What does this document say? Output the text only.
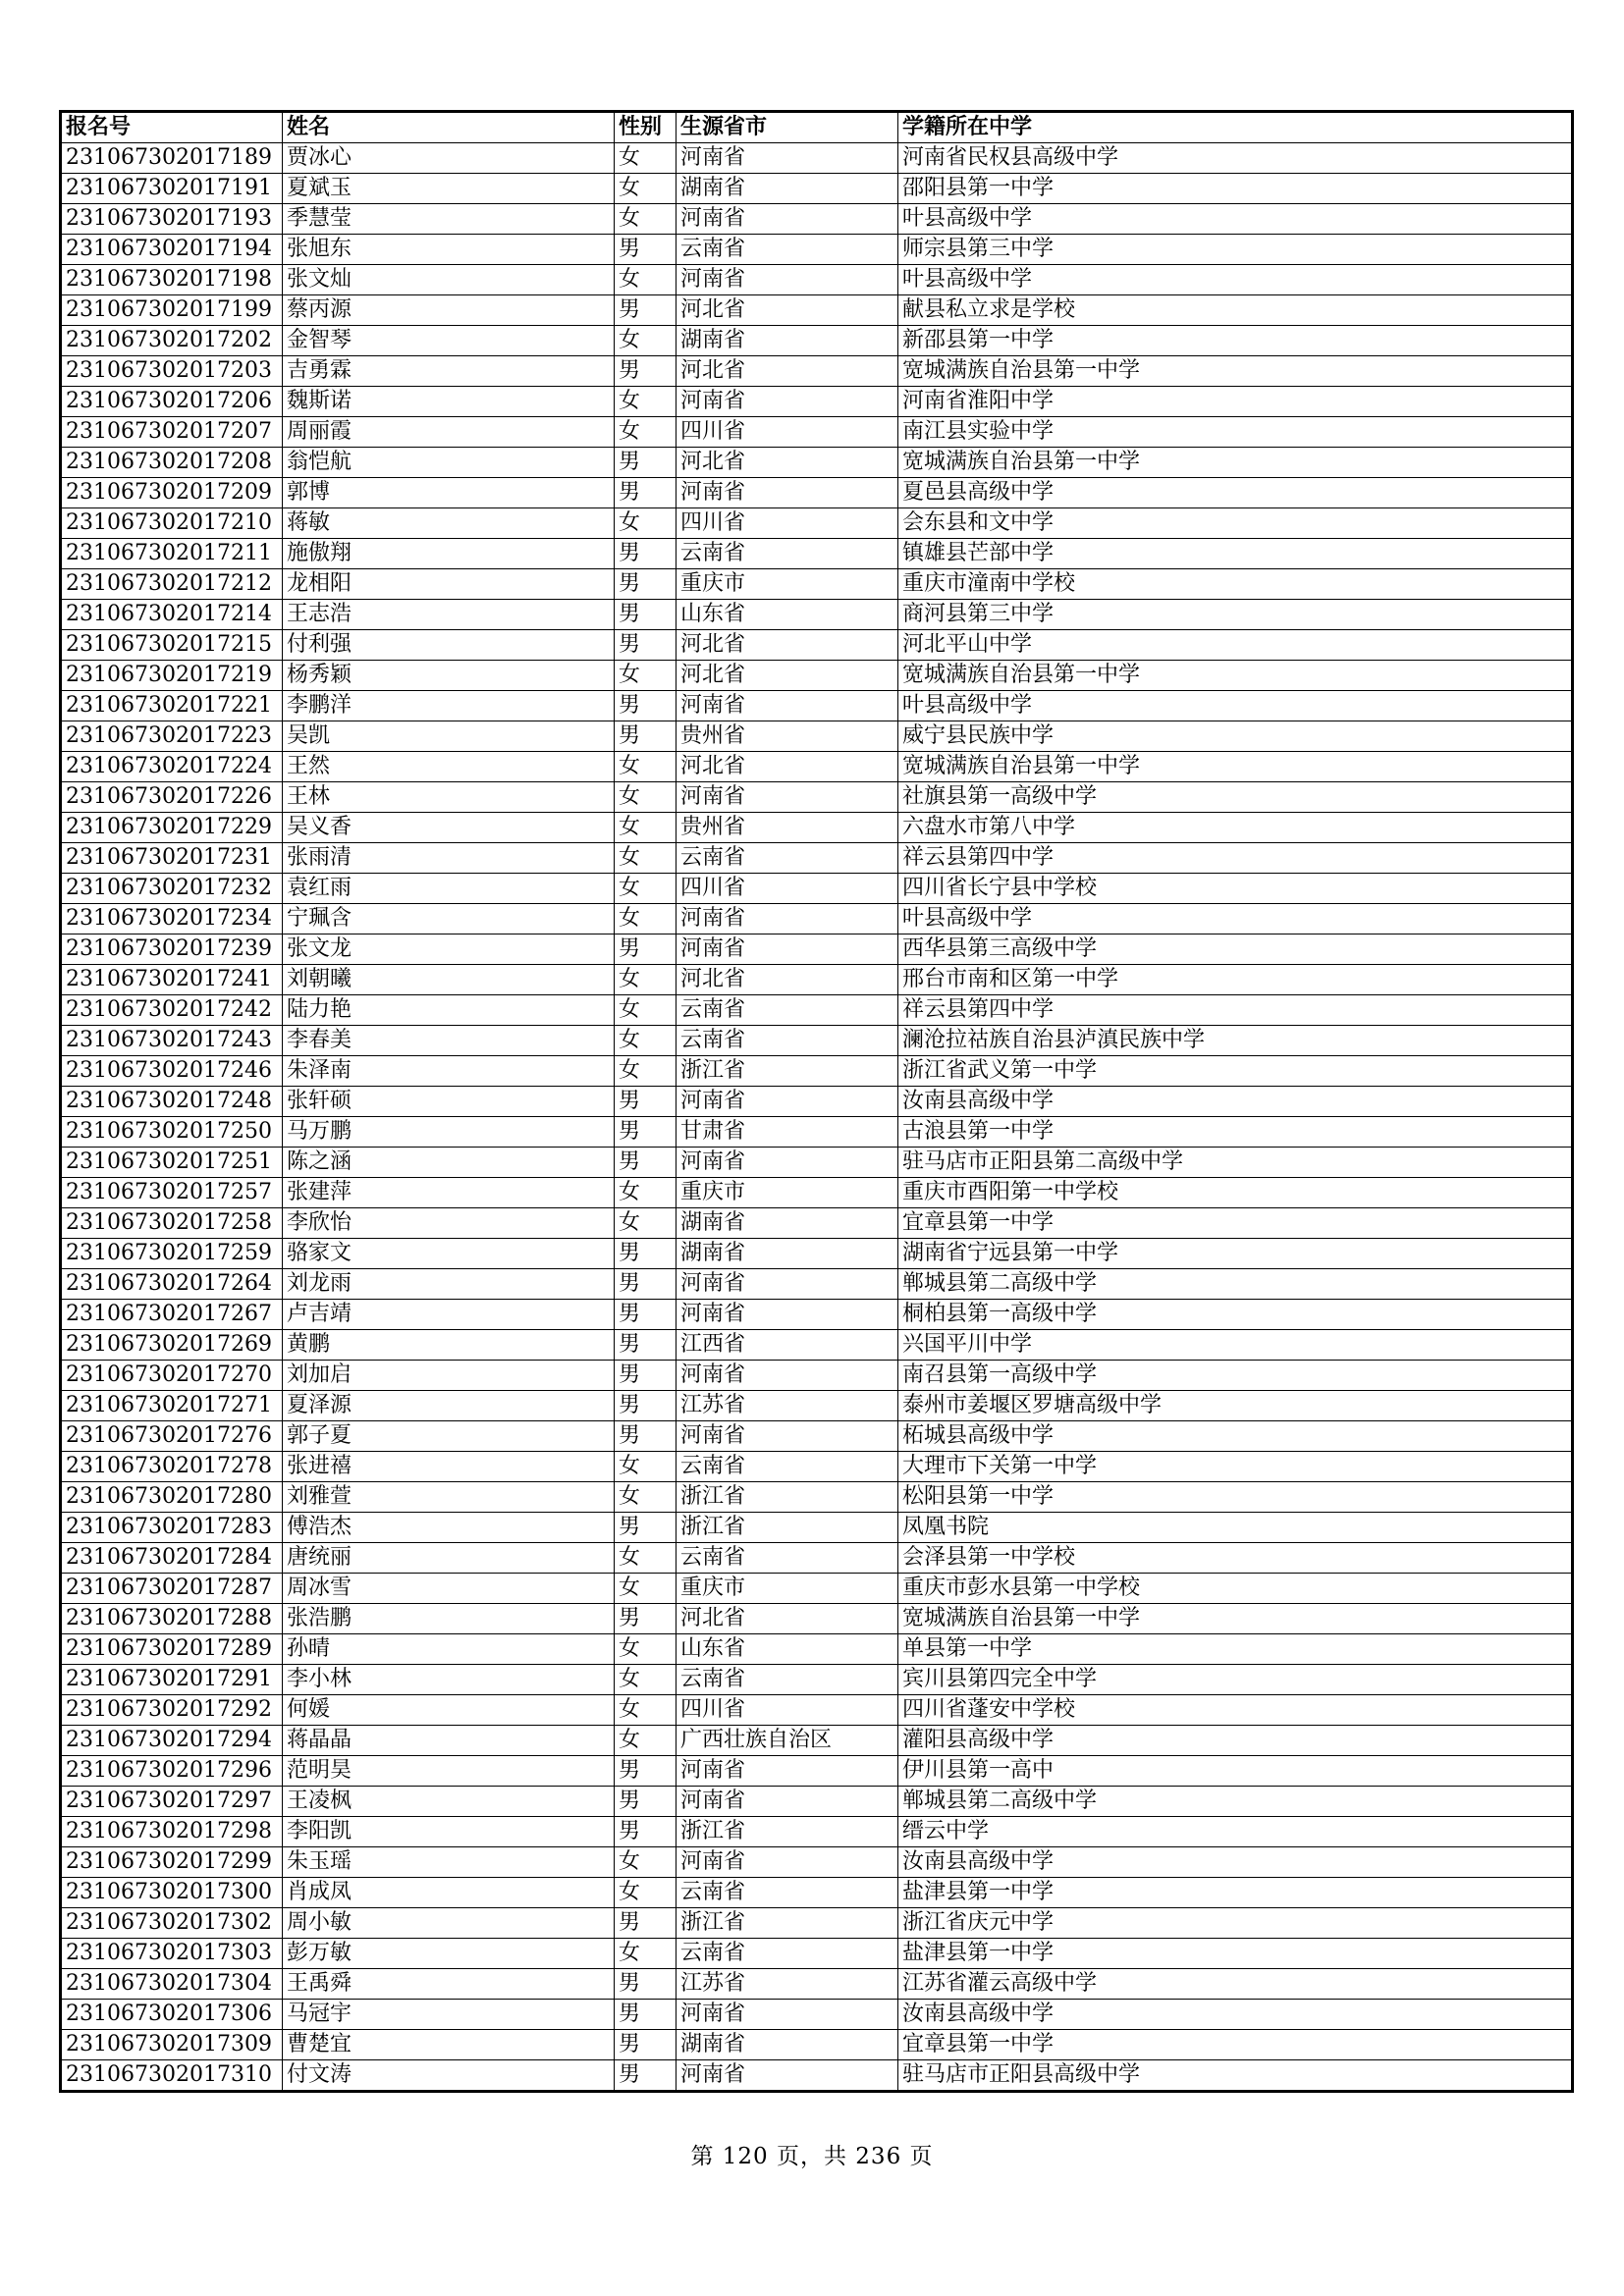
报名号	姓名	性别	生源省市	学籍所在中学
231067302017189	贾冰心	女	河南省	河南省民权县高级中学
231067302017191	夏斌玉	女	湖南省	邵阳县第一中学
231067302017193	季慧莹	女	河南省	叶县高级中学
231067302017194	张旭东	男	云南省	师宗县第三中学
231067302017198	张文灿	女	河南省	叶县高级中学
231067302017199	蔡丙源	男	河北省	献县私立求是学校
231067302017202	金智琴	女	湖南省	新邵县第一中学
231067302017203	吉勇霖	男	河北省	宽城满族自治县第一中学
231067302017206	魏斯诺	女	河南省	河南省淮阳中学
231067302017207	周丽霞	女	四川省	南江县实验中学
231067302017208	翁恺航	男	河北省	宽城满族自治县第一中学
231067302017209	郭博	男	河南省	夏邑县高级中学
231067302017210	蒋敏	女	四川省	会东县和文中学
231067302017211	施傲翔	男	云南省	镇雄县芒部中学
231067302017212	龙相阳	男	重庆市	重庆市潼南中学校
231067302017214	王志浩	男	山东省	商河县第三中学
231067302017215	付利强	男	河北省	河北平山中学
231067302017219	杨秀颖	女	河北省	宽城满族自治县第一中学
231067302017221	李鹏洋	男	河南省	叶县高级中学
231067302017223	吴凯	男	贵州省	威宁县民族中学
231067302017224	王然	女	河北省	宽城满族自治县第一中学
231067302017226	王林	女	河南省	社旗县第一高级中学
231067302017229	吴义香	女	贵州省	六盘水市第八中学
231067302017231	张雨清	女	云南省	祥云县第四中学
231067302017232	袁红雨	女	四川省	四川省长宁县中学校
231067302017234	宁珮含	女	河南省	叶县高级中学
231067302017239	张文龙	男	河南省	西华县第三高级中学
231067302017241	刘朝曦	女	河北省	邢台市南和区第一中学
231067302017242	陆力艳	女	云南省	祥云县第四中学
231067302017243	李春美	女	云南省	澜沧拉祜族自治县泸滇民族中学
231067302017246	朱泽南	女	浙江省	浙江省武义第一中学
231067302017248	张轩硕	男	河南省	汝南县高级中学
231067302017250	马万鹏	男	甘肃省	古浪县第一中学
231067302017251	陈之涵	男	河南省	驻马店市正阳县第二高级中学
231067302017257	张建萍	女	重庆市	重庆市酉阳第一中学校
231067302017258	李欣怡	女	湖南省	宜章县第一中学
231067302017259	骆家文	男	湖南省	湖南省宁远县第一中学
231067302017264	刘龙雨	男	河南省	郸城县第二高级中学
231067302017267	卢吉靖	男	河南省	桐柏县第一高级中学
231067302017269	黄鹏	男	江西省	兴国平川中学
231067302017270	刘加启	男	河南省	南召县第一高级中学
231067302017271	夏泽源	男	江苏省	泰州市姜堰区罗塘高级中学
231067302017276	郭子夏	男	河南省	柘城县高级中学
231067302017278	张进禧	女	云南省	大理市下关第一中学
231067302017280	刘雅萱	女	浙江省	松阳县第一中学
231067302017283	傅浩杰	男	浙江省	凤凰书院
231067302017284	唐统丽	女	云南省	会泽县第一中学校
231067302017287	周冰雪	女	重庆市	重庆市彭水县第一中学校
231067302017288	张浩鹏	男	河北省	宽城满族自治县第一中学
231067302017289	孙晴	女	山东省	单县第一中学
231067302017291	李小林	女	云南省	宾川县第四完全中学
231067302017292	何媛	女	四川省	四川省蓬安中学校
231067302017294	蒋晶晶	女	广西壮族自治区	灌阳县高级中学
231067302017296	范明昊	男	河南省	伊川县第一高中
231067302017297	王凌枫	男	河南省	郸城县第二高级中学
231067302017298	李阳凯	男	浙江省	缙云中学
231067302017299	朱玉瑶	女	河南省	汝南县高级中学
231067302017300	肖成凤	女	云南省	盐津县第一中学
231067302017302	周小敏	男	浙江省	浙江省庆元中学
231067302017303	彭万敏	女	云南省	盐津县第一中学
231067302017304	王禹舜	男	江苏省	江苏省灌云高级中学
231067302017306	马冠宇	男	河南省	汝南县高级中学
231067302017309	曹楚宜	男	湖南省	宜章县第一中学
231067302017310	付文涛	男	河南省	驻马店市正阳县高级中学
第 120 页，共 236 页
